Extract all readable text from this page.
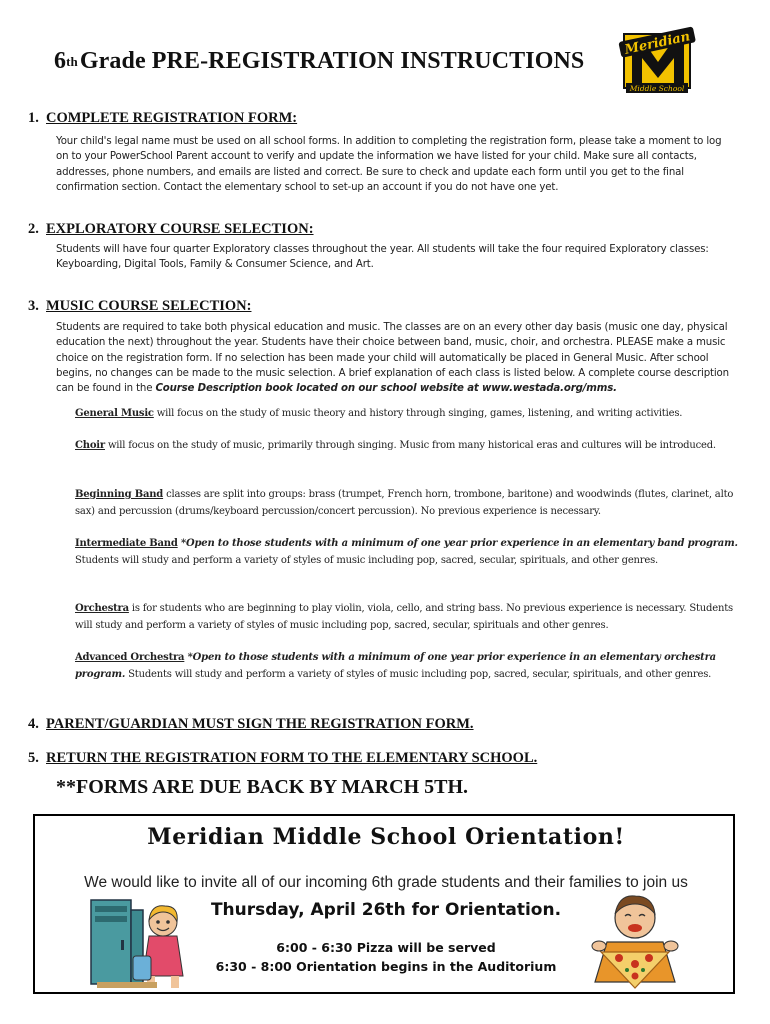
6thGrade PRE-REGISTRATION INSTRUCTIONS
Meridian
Middle School
1. COMPLETE REGISTRATION FORM:
Your child's legal name must be used on all school forms. In addition to completing the registration form, please take a moment to log on to your PowerSchool Parent account to verify and update the information we have listed for your child. Make sure all contacts, addresses, phone numbers, and emails are listed and correct. Be sure to check and update each form until you get to the final confirmation section. Contact the elementary school to set-up an account if you do not have one yet.
2. EXPLORATORY COURSE SELECTION:
Students will have four quarter Exploratory classes throughout the year. All students will take the four required Exploratory classes: Keyboarding, Digital Tools, Family & Consumer Science, and Art.
3. MUSIC COURSE SELECTION:
Students are required to take both physical education and music. The classes are on an every other day basis (music one day, physical education the next) throughout the year. Students have their choice between band, music, choir, and orchestra. PLEASE make a music choice on the registration form. If no selection has been made your child will automatically be placed in General Music. After school begins, no changes can be made to the music selection. A brief explanation of each class is listed below. A complete course description can be found in the Course Description book located on our school website at www.westada.org/mms.
General Music will focus on the study of music theory and history through singing, games, listening, and writing activities.
Choir will focus on the study of music, primarily through singing. Music from many historical eras and cultures will be introduced.
Beginning Band classes are split into groups: brass (trumpet, French horn, trombone, baritone) and woodwinds (flutes, clarinet, alto sax) and percussion (drums/keyboard percussion/concert percussion). No previous experience is necessary.
Intermediate Band *Open to those students with a minimum of one year prior experience in an elementary band program. Students will study and perform a variety of styles of music including pop, sacred, secular, spirituals, and other genres.
Orchestra is for students who are beginning to play violin, viola, cello, and string bass. No previous experience is necessary. Students will study and perform a variety of styles of music including pop, sacred, secular, spirituals and other genres.
Advanced Orchestra *Open to those students with a minimum of one year prior experience in an elementary orchestra program. Students will study and perform a variety of styles of music including pop, sacred, secular, spirituals, and other genres.
4. PARENT/GUARDIAN MUST SIGN THE REGISTRATION FORM.
5. RETURN THE REGISTRATION FORM TO THE ELEMENTARY SCHOOL.
**FORMS ARE DUE BACK BY MARCH 5TH.
Meridian Middle School Orientation!
We would like to invite all of our incoming 6th grade students and their families to join us
Thursday, April 26th for Orientation.
6:00 - 6:30 Pizza will be served
6:30 - 8:00 Orientation begins in the Auditorium
